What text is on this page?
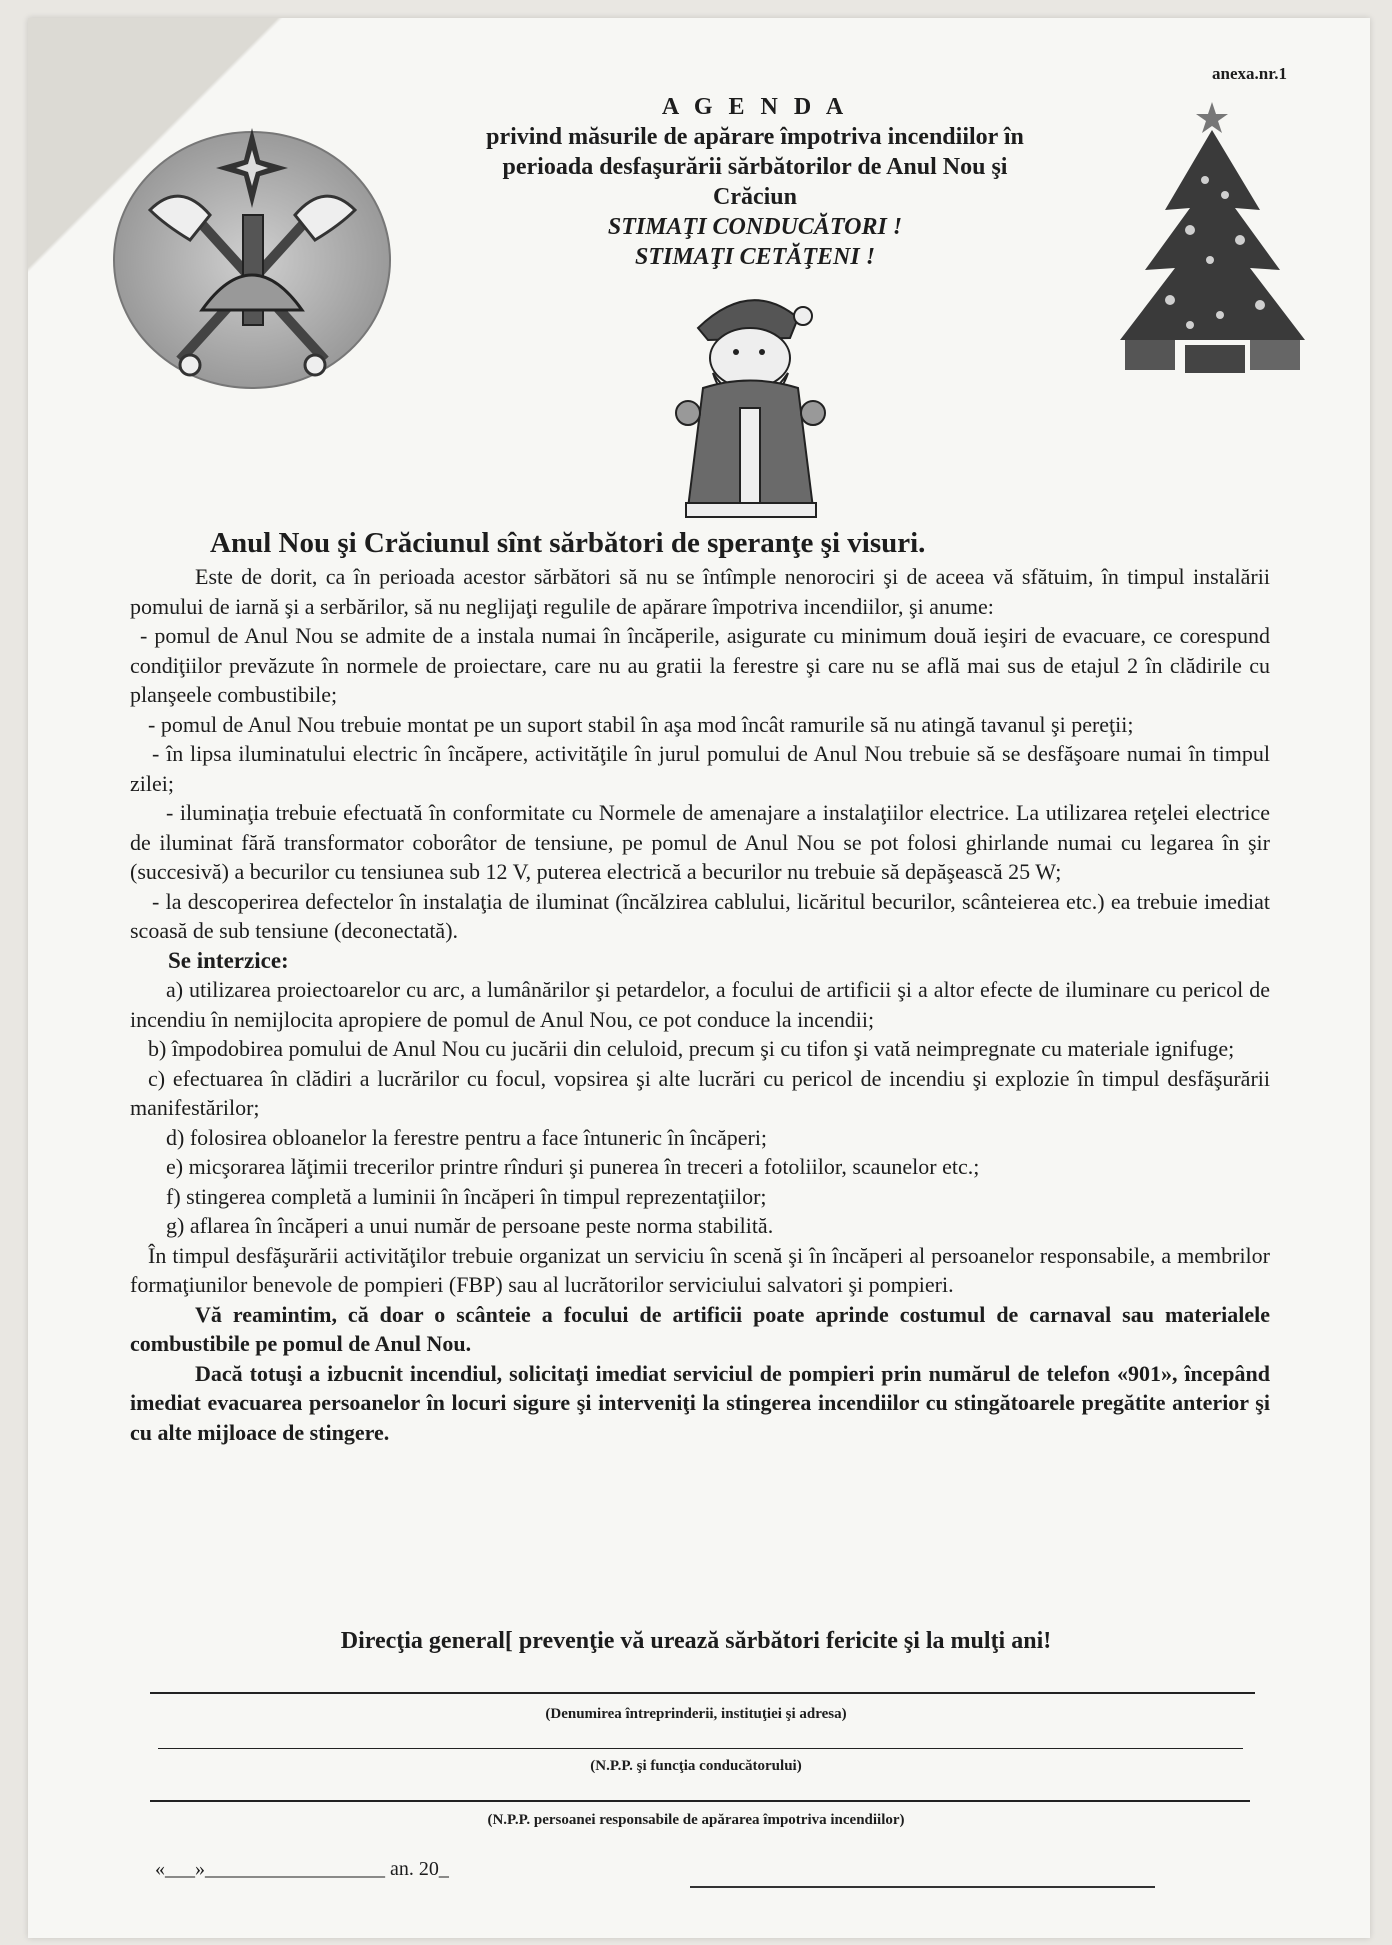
anexa.nr.1
A G E N D A
privind măsurile de apărare împotriva incendiilor în
perioada desfaşurării sărbătorilor de Anul Nou şi
Crăciun
STIMAŢI CONDUCĂTORI !
STIMAŢI CETĂŢENI !
Anul Nou şi Crăciunul sînt sărbători de speranţe şi visuri.

Este de dorit, ca în perioada acestor sărbători să nu se întîmple nenorociri şi de aceea vă sfătuim, în timpul instalării pomului de iarnă şi a serbărilor, să nu neglijaţi regulile de apărare împotriva incendiilor, şi anume:

- pomul de Anul Nou se admite de a instala numai în încăperile, asigurate cu minimum două ieşiri de evacuare, ce corespund condiţiilor prevăzute în normele de proiectare, care nu au gratii la ferestre şi care nu se află mai sus de etajul 2 în clădirile cu planşeele combustibile;

- pomul de Anul Nou trebuie montat pe un suport stabil în aşa mod încât ramurile să nu atingă tavanul şi pereţii;

- în lipsa iluminatului electric în încăpere, activităţile în jurul pomului de Anul Nou trebuie să se desfăşoare numai în timpul zilei;

- iluminaţia trebuie efectuată în conformitate cu Normele de amenajare a instalaţiilor electrice. La utilizarea reţelei electrice de iluminat fără transformator coborâtor de tensiune, pe pomul de Anul Nou se pot folosi ghirlande numai cu legarea în şir (succesivă) a becurilor cu tensiunea sub 12 V, puterea electrică a becurilor nu trebuie să depăşească 25 W;

- la descoperirea defectelor în instalaţia de iluminat (încălzirea cablului, licăritul becurilor, scânteierea etc.) ea trebuie imediat scoasă de sub tensiune (deconectată).

Se interzice:

a) utilizarea proiectoarelor cu arc, a lumânărilor şi petardelor, a focului de artificii şi a altor efecte de iluminare cu pericol de incendiu în nemijlocita apropiere de pomul de Anul Nou, ce pot conduce la incendii;

b) împodobirea pomului de Anul Nou cu jucării din celuloid, precum şi cu tifon şi vată neimpregnate cu materiale ignifuge;

c) efectuarea în clădiri a lucrărilor cu focul, vopsirea şi alte lucrări cu pericol de incendiu şi explozie în timpul desfăşurării manifestărilor;

d) folosirea obloanelor la ferestre pentru a face întuneric în încăperi;

e) micşorarea lăţimii trecerilor printre rînduri şi punerea în treceri a fotoliilor, scaunelor etc.;

f) stingerea completă a luminii în încăperi în timpul reprezentaţiilor;

g) aflarea în încăperi a unui număr de persoane peste norma stabilită.

În timpul desfăşurării activităţilor trebuie organizat un serviciu în scenă şi în încăperi al persoanelor responsabile, a membrilor formaţiunilor benevole de pompieri (FBP) sau al lucrătorilor serviciului salvatori şi pompieri.

Vă reamintim, că doar o scânteie a focului de artificii poate aprinde costumul de carnaval sau materialele combustibile pe pomul de Anul Nou.

Dacă totuşi a izbucnit incendiul, solicitaţi imediat serviciul de pompieri prin numărul de telefon «901», începând imediat evacuarea persoanelor în locuri sigure şi interveniţi la stingerea incendiilor cu stingătoarele pregătite anterior şi cu alte mijloace de stingere.

Direcţia general[ prevenţie vă urează sărbători fericite şi la mulţi ani!
(Denumirea întreprinderii, instituţiei şi adresa)
(N.P.P. şi funcţia conducătorului)
(N.P.P. persoanei responsabile de apărarea împotriva incendiilor)
«___»__________________ an. 20_
